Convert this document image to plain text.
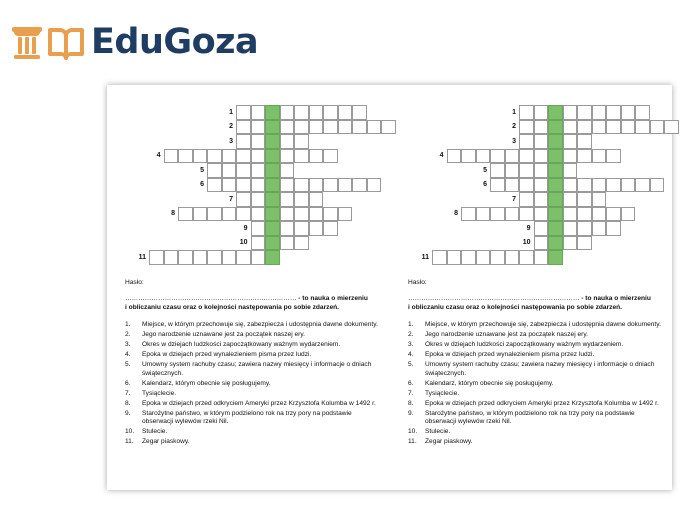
EduGoza
1
2
3
4
5
6
7
8
9
10
11
Hasło:
…………………………………………………………………… - to nauka o mierzeniu
i obliczaniu czasu oraz o kolejności następowania po sobie zdarzeń.
1. Miejsce, w którym przechowuje się, zabezpiecza i udostępnia dawne dokumenty.
2. Jego narodzenie uznawane jest za początek naszej ery.
3. Okres w dziejach ludzkości zapoczątkowany ważnym wydarzeniem.
4. Epoka w dziejach przed wynalezieniem pisma przez ludzi.
5. Umowny system rachuby czasu; zawiera nazwy miesięcy i informacje o dniach świątecznych.
6. Kalendarz, którym obecnie się posługujemy.
7. Tysiąclecie.
8. Epoka w dziejach przed odkryciem Ameryki przez Krzysztofa Kolumba w 1492 r.
9. Starożytne państwo, w którym podzielono rok na trzy pory na podstawie obserwacji wylewów rzeki Nil.
10. Stulecie.
11. Zegar piaskowy.
1
2
3
4
5
6
7
8
9
10
11
Hasło:
…………………………………………………………………… - to nauka o mierzeniu
i obliczaniu czasu oraz o kolejności następowania po sobie zdarzeń.
1. Miejsce, w którym przechowuje się, zabezpiecza i udostępnia dawne dokumenty.
2. Jego narodzenie uznawane jest za początek naszej ery.
3. Okres w dziejach ludzkości zapoczątkowany ważnym wydarzeniem.
4. Epoka w dziejach przed wynalezieniem pisma przez ludzi.
5. Umowny system rachuby czasu; zawiera nazwy miesięcy i informacje o dniach świątecznych.
6. Kalendarz, którym obecnie się posługujemy.
7. Tysiąclecie.
8. Epoka w dziejach przed odkryciem Ameryki przez Krzysztofa Kolumba w 1492 r.
9. Starożytne państwo, w którym podzielono rok na trzy pory na podstawie obserwacji wylewów rzeki Nil.
10. Stulecie.
11. Zegar piaskowy.
